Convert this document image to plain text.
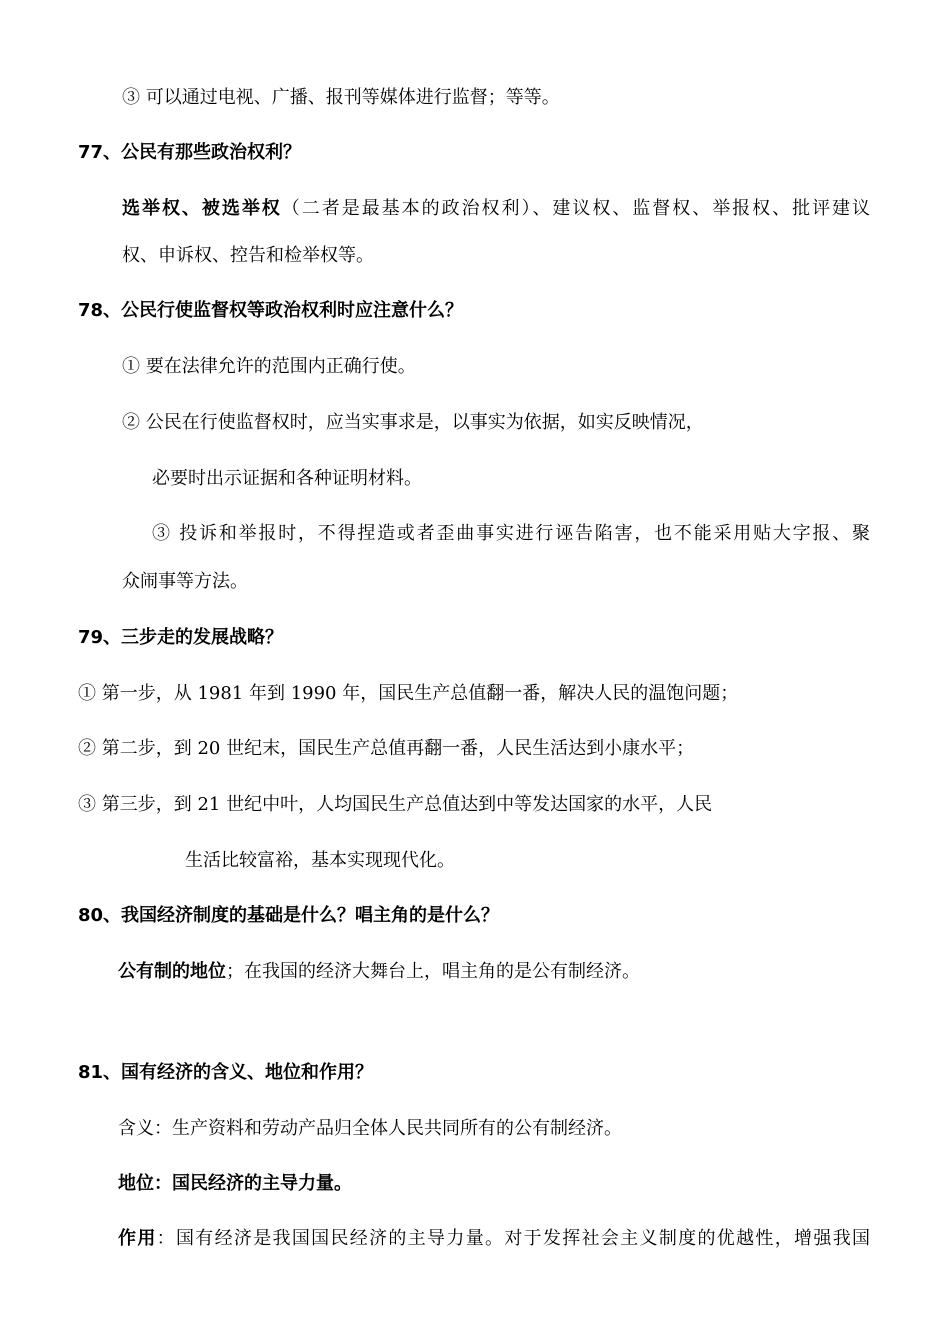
③ 可以通过电视、广播、报刊等媒体进行监督；等等。
77、公民有那些政治权利？
选举权、被选举权（二者是最基本的政治权利）、建议权、监督权、举报权、批评建议
权、申诉权、控告和检举权等。
78、公民行使监督权等政治权利时应注意什么？
① 要在法律允许的范围内正确行使。
② 公民在行使监督权时，应当实事求是，以事实为依据，如实反映情况，
必要时出示证据和各种证明材料。
③ 投诉和举报时，不得捏造或者歪曲事实进行诬告陷害，也不能采用贴大字报、聚
众闹事等方法。
79、三步走的发展战略？
① 第一步，从 1981 年到 1990 年，国民生产总值翻一番，解决人民的温饱问题；
② 第二步，到 20 世纪末，国民生产总值再翻一番，人民生活达到小康水平；
③ 第三步，到 21 世纪中叶，人均国民生产总值达到中等发达国家的水平，人民
生活比较富裕，基本实现现代化。
80、我国经济制度的基础是什么？唱主角的是什么？
公有制的地位；在我国的经济大舞台上，唱主角的是公有制经济。
81、国有经济的含义、地位和作用？
含义：生产资料和劳动产品归全体人民共同所有的公有制经济。
地位：国民经济的主导力量。
作用：国有经济是我国国民经济的主导力量。对于发挥社会主义制度的优越性，增强我国
